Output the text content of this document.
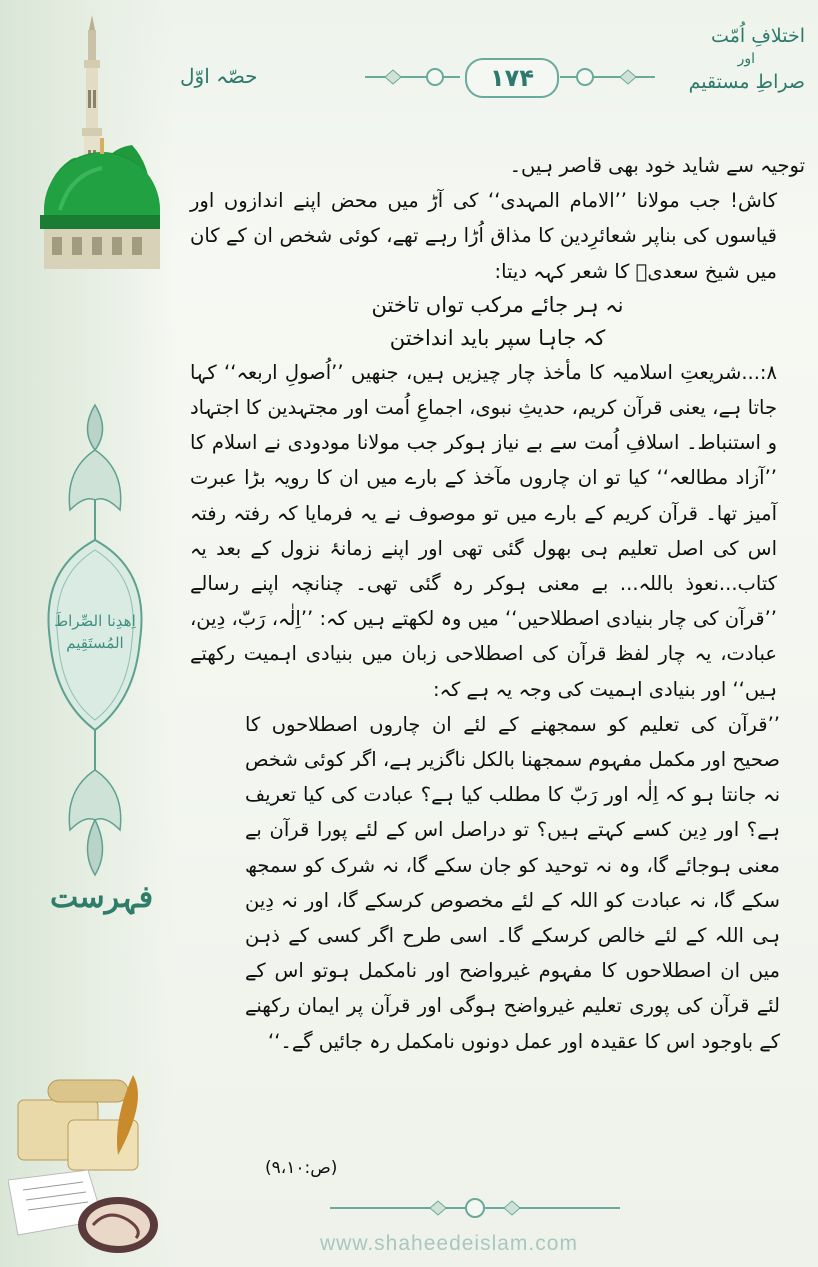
اِھدِنا الصِّراطَ المُستَقِیم
فہرست
حصّہ اوّل	۱۷۴
اختلافِ اُمّت
اور
صراطِ مستقیم

توجیہ سے شاید خود بھی قاصر ہیں۔

کاش! جب مولانا ’’الامام المہدی‘‘ کی آڑ میں محض اپنے اندازوں اور قیاسوں کی بناپر شعائرِدین کا مذاق اُڑا رہے تھے، کوئی شخص ان کے کان میں شیخ سعدیؒ کا شعر کہہ دیتا:

نہ ہر جائے مرکب تواں تاختن

کہ جاہا سپر باید انداختن

۸:...شریعتِ اسلامیہ کا مأخذ چار چیزیں ہیں، جنھیں ’’اُصولِ اربعہ‘‘ کہا جاتا ہے، یعنی قرآن کریم، حدیثِ نبوی، اجماعِ اُمت اور مجتہدین کا اجتہاد و استنباط۔ اسلافِ اُمت سے بے نیاز ہوکر جب مولانا مودودی نے اسلام کا ’’آزاد مطالعہ‘‘ کیا تو ان چاروں مآخذ کے بارے میں ان کا رویہ بڑا عبرت آمیز تھا۔ قرآن کریم کے بارے میں تو موصوف نے یہ فرمایا کہ رفتہ رفتہ اس کی اصل تعلیم ہی بھول گئی تھی اور اپنے زمانۂ نزول کے بعد یہ کتاب...نعوذ باللہ... بے معنی ہوکر رہ گئی تھی۔ چنانچہ اپنے رسالے ’’قرآن کی چار بنیادی اصطلاحیں‘‘ میں وہ لکھتے ہیں کہ: ’’اِلٰہ، رَبّ، دِین، عبادت، یہ چار لفظ قرآن کی اصطلاحی زبان میں بنیادی اہمیت رکھتے ہیں‘‘ اور بنیادی اہمیت کی وجہ یہ ہے کہ:

’’قرآن کی تعلیم کو سمجھنے کے لئے ان چاروں اصطلاحوں کا صحیح اور مکمل مفہوم سمجھنا بالکل ناگزیر ہے، اگر کوئی شخص نہ جانتا ہو کہ اِلٰہ اور رَبّ کا مطلب کیا ہے؟ عبادت کی کیا تعریف ہے؟ اور دِین کسے کہتے ہیں؟ تو دراصل اس کے لئے پورا قرآن بے معنی ہوجائے گا، وہ نہ توحید کو جان سکے گا، نہ شرک کو سمجھ سکے گا، نہ عبادت کو اللہ کے لئے مخصوص کرسکے گا، اور نہ دِین ہی اللہ کے لئے خالص کرسکے گا۔ اسی طرح اگر کسی کے ذہن میں ان اصطلاحوں کا مفہوم غیرواضح اور نامکمل ہوتو اس کے لئے قرآن کی پوری تعلیم غیرواضح ہوگی اور قرآن پر ایمان رکھنے کے باوجود اس کا عقیدہ اور عمل دونوں نامکمل رہ جائیں گے۔‘‘

(ص:۹،۱۰)
www.shaheedeislam.com
